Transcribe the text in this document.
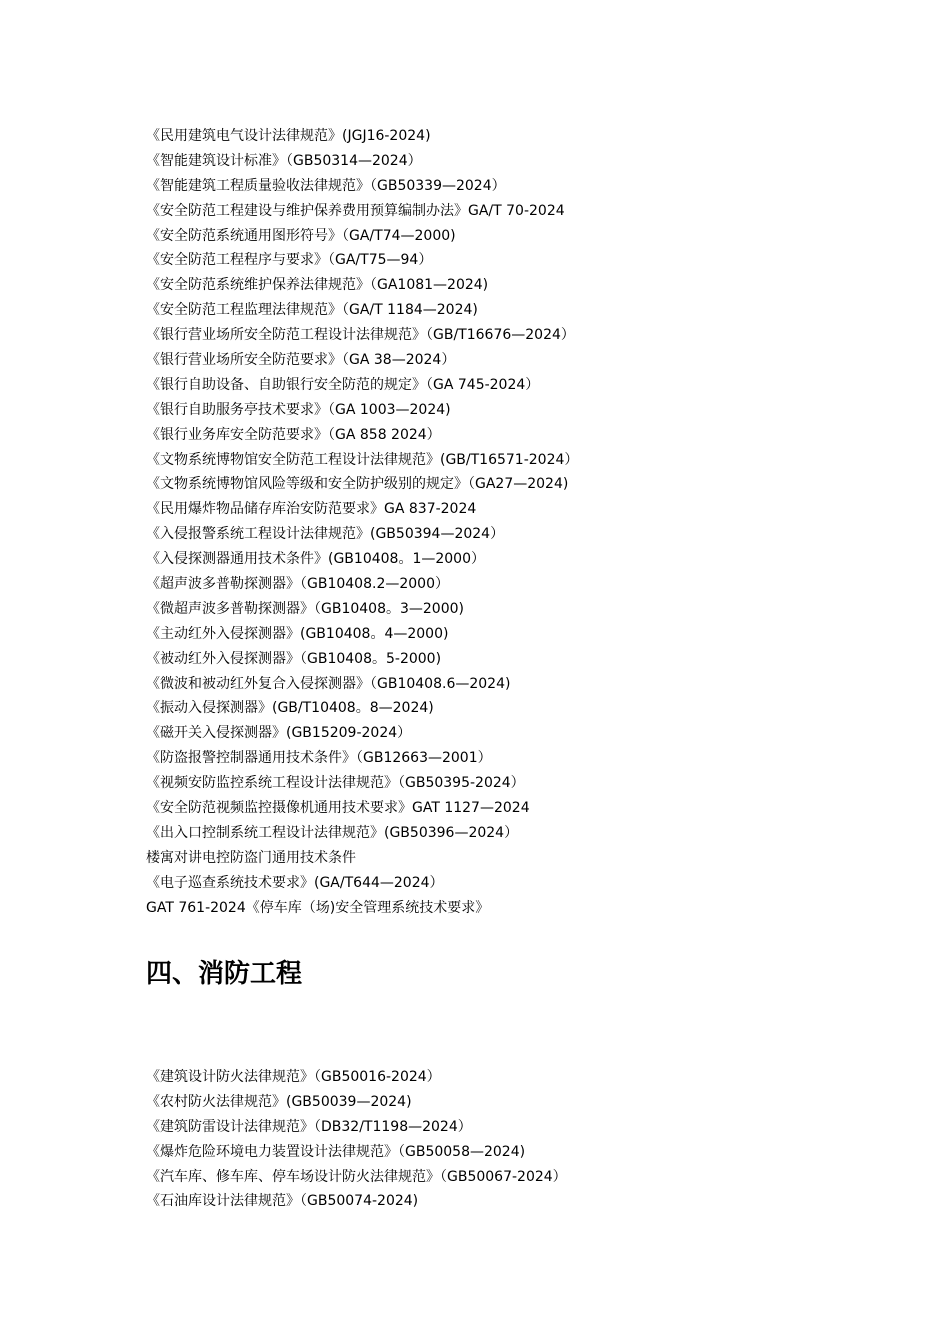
《民用建筑电气设计法律规范》(JGJ16-2024)
《智能建筑设计标准》（GB50314—2024）
《智能建筑工程质量验收法律规范》（GB50339—2024）
《安全防范工程建设与维护保养费用预算编制办法》GA/T 70-2024
《安全防范系统通用图形符号》（GA/T74—2000)
《安全防范工程程序与要求》（GA/T75—94）
《安全防范系统维护保养法律规范》（GA1081—2024)
《安全防范工程监理法律规范》（GA/T 1184—2024)
《银行营业场所安全防范工程设计法律规范》（GB/T16676—2024）
《银行营业场所安全防范要求》（GA 38—2024）
《银行自助设备、自助银行安全防范的规定》（GA 745-2024）
《银行自助服务亭技术要求》（GA 1003—2024)
《银行业务库安全防范要求》（GA 858 2024）
《文物系统博物馆安全防范工程设计法律规范》(GB/T16571-2024）
《文物系统博物馆风险等级和安全防护级别的规定》（GA27—2024)
《民用爆炸物品储存库治安防范要求》GA 837-2024
《入侵报警系统工程设计法律规范》(GB50394—2024）
《入侵探测器通用技术条件》(GB10408。1—2000）
《超声波多普勒探测器》（GB10408.2—2000）
《微超声波多普勒探测器》（GB10408。3—2000)
《主动红外入侵探测器》(GB10408。4—2000)
《被动红外入侵探测器》（GB10408。5-2000)
《微波和被动红外复合入侵探测器》（GB10408.6—2024)
《振动入侵探测器》(GB/T10408。8—2024)
《磁开关入侵探测器》(GB15209-2024）
《防盗报警控制器通用技术条件》（GB12663—2001）
《视频安防监控系统工程设计法律规范》（GB50395-2024）
《安全防范视频监控摄像机通用技术要求》GAT 1127—2024
《出入口控制系统工程设计法律规范》(GB50396—2024）
楼寓对讲电控防盗门通用技术条件
《电子巡查系统技术要求》(GA/T644—2024）
GAT 761-2024《停车库（场)安全管理系统技术要求》
四、消防工程
《建筑设计防火法律规范》（GB50016-2024）
《农村防火法律规范》(GB50039—2024)
《建筑防雷设计法律规范》（DB32/T1198—2024）
《爆炸危险环境电力装置设计法律规范》（GB50058—2024)
《汽车库、修车库、停车场设计防火法律规范》（GB50067-2024）
《石油库设计法律规范》（GB50074-2024)
